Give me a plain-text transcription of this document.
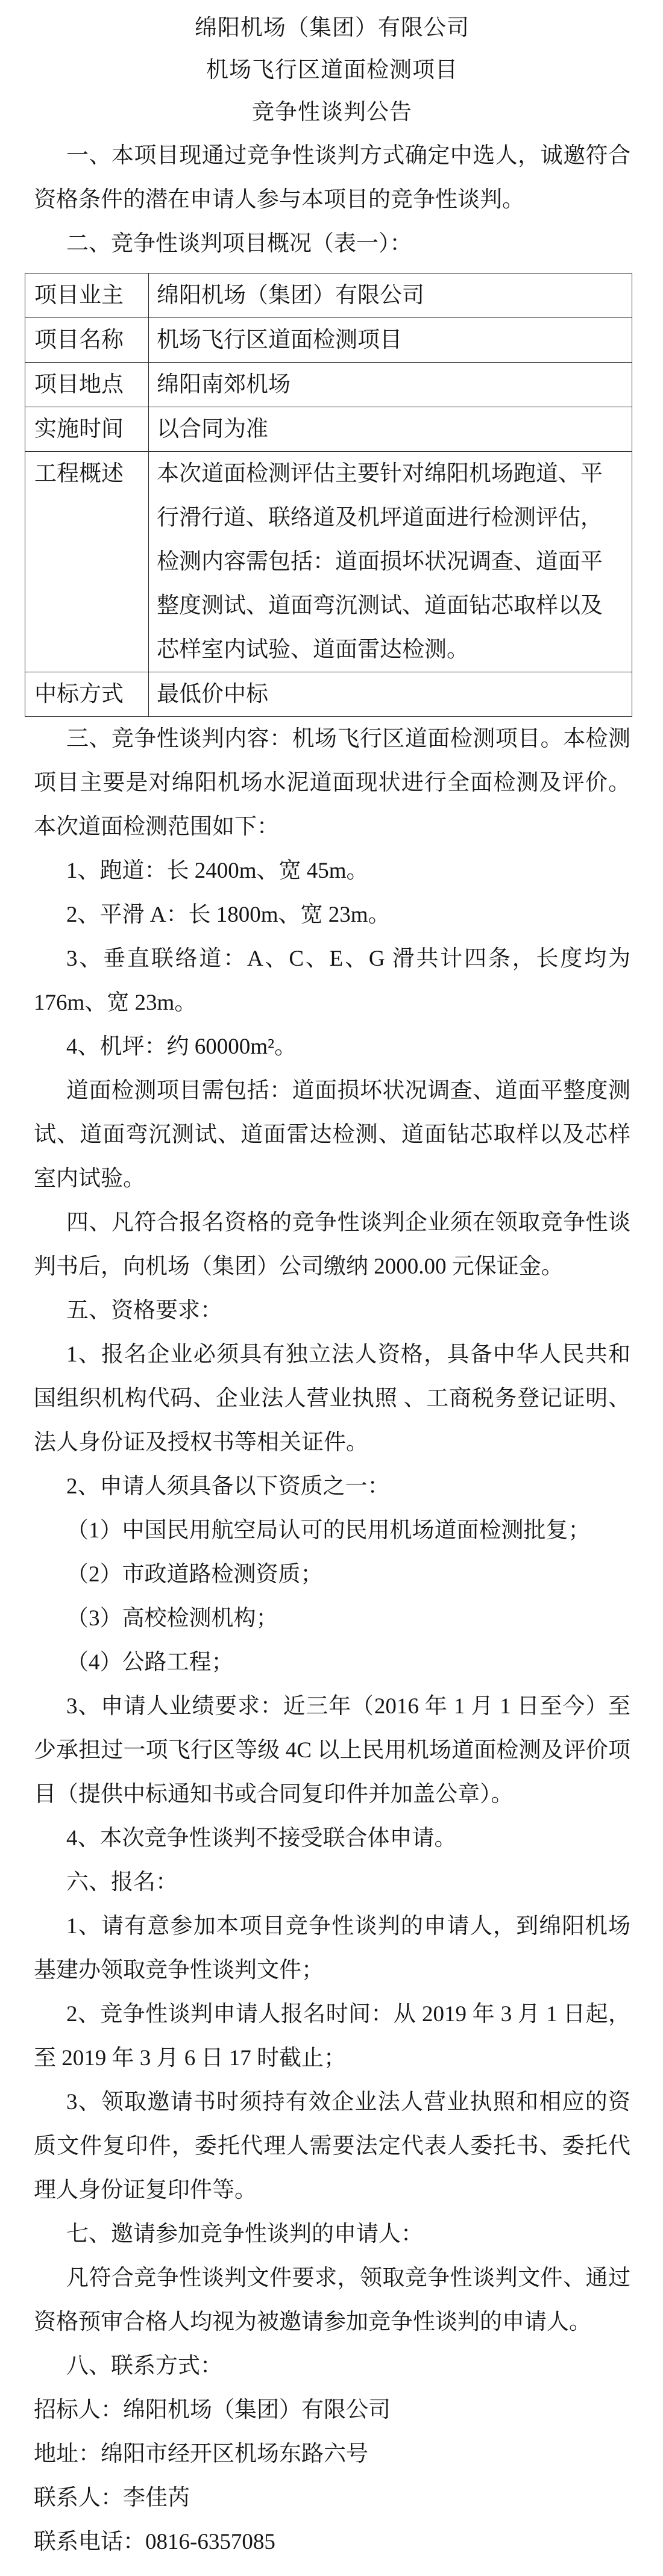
绵阳机场（集团）有限公司
机场飞行区道面检测项目
竞争性谈判公告

一、本项目现通过竞争性谈判方式确定中选人，诚邀符合资格条件的潜在申请人参与本项目的竞争性谈判。

二、竞争性谈判项目概况（表一）：

项目业主	绵阳机场（集团）有限公司
项目名称	机场飞行区道面检测项目
项目地点	绵阳南郊机场
实施时间	以合同为准
工程概述	本次道面检测评估主要针对绵阳机场跑道、平行滑行道、联络道及机坪道面进行检测评估，检测内容需包括：道面损坏状况调查、道面平整度测试、道面弯沉测试、道面钻芯取样以及芯样室内试验、道面雷达检测。
中标方式	最低价中标

三、竞争性谈判内容：机场飞行区道面检测项目。本检测项目主要是对绵阳机场水泥道面现状进行全面检测及评价。本次道面检测范围如下：

1、跑道：长 2400m、宽 45m。

2、平滑 A：长 1800m、宽 23m。

3、垂直联络道：A、C、E、G 滑共计四条，长度均为 176m、宽 23m。

4、机坪：约 60000m²。

道面检测项目需包括：道面损坏状况调查、道面平整度测试、道面弯沉测试、道面雷达检测、道面钻芯取样以及芯样室内试验。

四、凡符合报名资格的竞争性谈判企业须在领取竞争性谈判书后，向机场（集团）公司缴纳 2000.00 元保证金。

五、资格要求：

1、报名企业必须具有独立法人资格，具备中华人民共和国组织机构代码、企业法人营业执照 、工商税务登记证明、法人身份证及授权书等相关证件。

2、申请人须具备以下资质之一：

（1）中国民用航空局认可的民用机场道面检测批复；

（2）市政道路检测资质；

（3）高校检测机构；

（4）公路工程；

3、申请人业绩要求：近三年（2016 年 1 月 1 日至今）至少承担过一项飞行区等级 4C 以上民用机场道面检测及评价项目（提供中标通知书或合同复印件并加盖公章）。

4、本次竞争性谈判不接受联合体申请。

六、报名：

1、请有意参加本项目竞争性谈判的申请人，到绵阳机场基建办领取竞争性谈判文件；

2、竞争性谈判申请人报名时间：从 2019 年 3 月 1 日起，至 2019 年 3 月 6 日 17 时截止；

3、领取邀请书时须持有效企业法人营业执照和相应的资质文件复印件，委托代理人需要法定代表人委托书、委托代理人身份证复印件等。

七、邀请参加竞争性谈判的申请人：

凡符合竞争性谈判文件要求，领取竞争性谈判文件、通过资格预审合格人均视为被邀请参加竞争性谈判的申请人。

八、联系方式：

招标人：绵阳机场（集团）有限公司

地址：绵阳市经开区机场东路六号

联系人：李佳芮

联系电话：0816-6357085
